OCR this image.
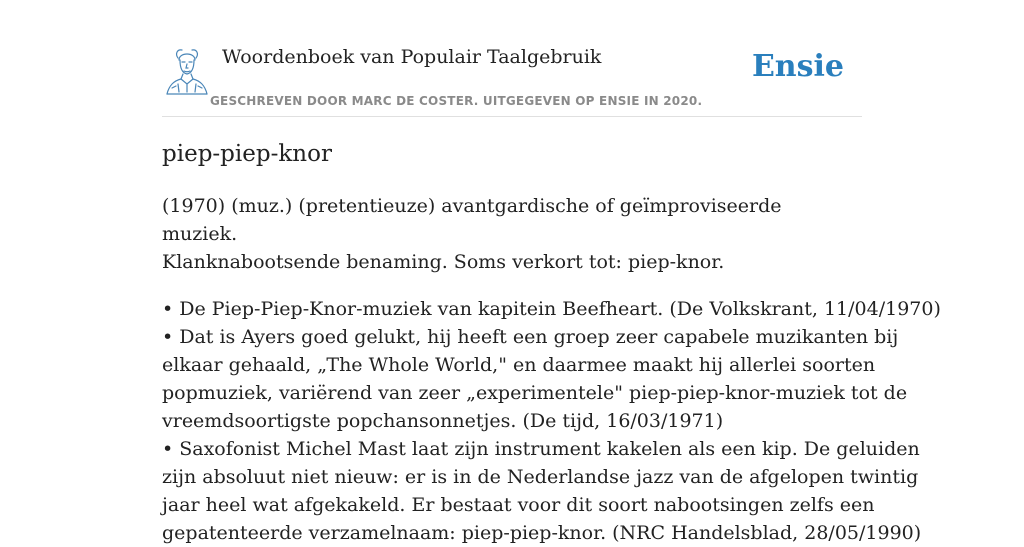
Woordenboek van Populair Taalgebruik
GESCHREVEN DOOR MARC DE COSTER. UITGEGEVEN OP ENSIE IN 2020.
Ensie
piep-piep-knor

(1970) (muz.) (pretentieuze) avantgardische of geïmproviseerde muziek.
Klanknabootsende benaming. Soms verkort tot: piep-knor.

• De Piep-Piep-Knor-muziek van kapitein Beefheart. (De Volkskrant, 11/04/1970)
• Dat is Ayers goed gelukt, hij heeft een groep zeer capabele muzikanten bij
elkaar gehaald, „The Whole World," en daarmee maakt hij allerlei soorten
popmuziek, variërend van zeer „experimentele" piep-piep-knor-muziek tot de
vreemdsoortigste popchansonnetjes. (De tijd, 16/03/1971)
• Saxofonist Michel Mast laat zijn instrument kakelen als een kip. De geluiden
zijn absoluut niet nieuw: er is in de Nederlandse jazz van de afgelopen twintig
jaar heel wat afgekakeld. Er bestaat voor dit soort nabootsingen zelfs een
gepatenteerde verzamelnaam: piep-piep-knor. (NRC Handelsblad, 28/05/1990)
